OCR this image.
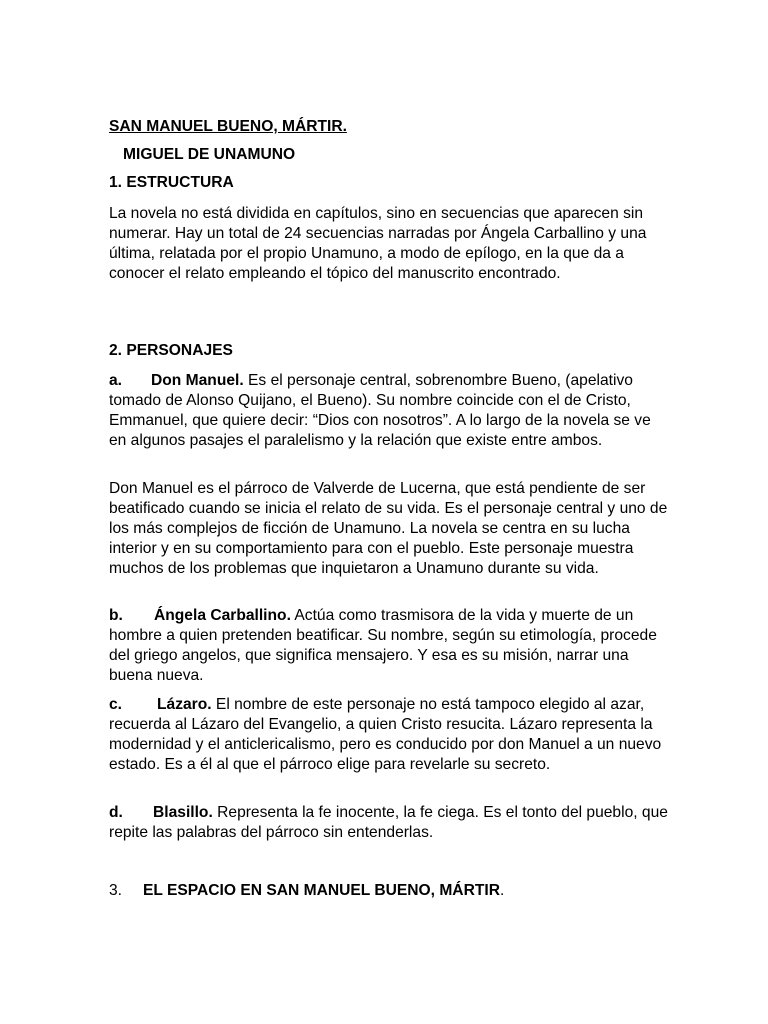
SAN MANUEL BUENO, MÁRTIR.
MIGUEL DE UNAMUNO
1. ESTRUCTURA

La novela no está dividida en capítulos, sino en secuencias que aparecen sin numerar. Hay un total de 24 secuencias narradas por Ángela Carballino y una última, relatada por el propio Unamuno, a modo de epílogo, en la que da a conocer el relato empleando el tópico del manuscrito encontrado.

2. PERSONAJES

a. Don Manuel. Es el personaje central, sobrenombre Bueno, (apelativo tomado de Alonso Quijano, el Bueno). Su nombre coincide con el de Cristo, Emmanuel, que quiere decir: “Dios con nosotros”. A lo largo de la novela se ve en algunos pasajes el paralelismo y la relación que existe entre ambos.

Don Manuel es el párroco de Valverde de Lucerna, que está pendiente de ser beatificado cuando se inicia el relato de su vida. Es el personaje central y uno de los más complejos de ficción de Unamuno. La novela se centra en su lucha interior y en su comportamiento para con el pueblo. Este personaje muestra muchos de los problemas que inquietaron a Unamuno durante su vida.

b. Ángela Carballino. Actúa como trasmisora de la vida y muerte de un hombre a quien pretenden beatificar. Su nombre, según su etimología, procede del griego angelos, que significa mensajero. Y esa es su misión, narrar una buena nueva.

c. Lázaro. El nombre de este personaje no está tampoco elegido al azar, recuerda al Lázaro del Evangelio, a quien Cristo resucita. Lázaro representa la modernidad y el anticlericalismo, pero es conducido por don Manuel a un nuevo estado. Es a él al que el párroco elige para revelarle su secreto.

d. Blasillo. Representa la fe inocente, la fe ciega. Es el tonto del pueblo, que repite las palabras del párroco sin entenderlas.

3. EL ESPACIO EN SAN MANUEL BUENO, MÁRTIR.
